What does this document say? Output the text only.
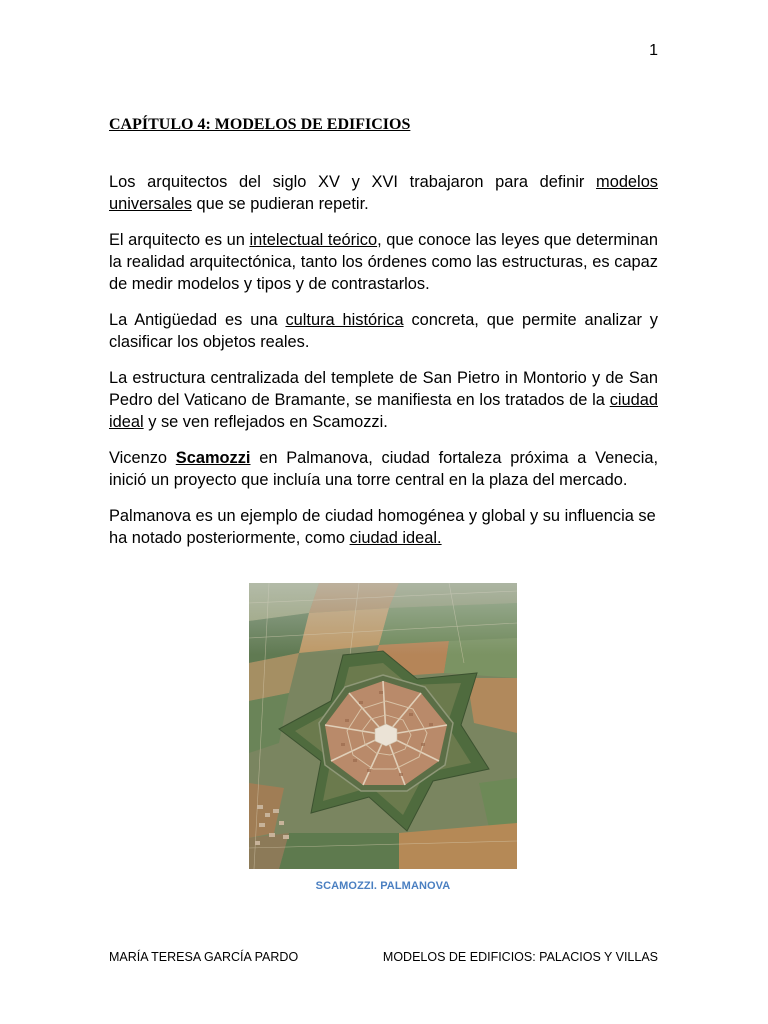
1
CAPÍTULO 4: MODELOS DE EDIFICIOS

Los arquitectos del siglo XV y XVI trabajaron para definir modelos universales que se pudieran repetir.

El arquitecto es un intelectual teórico, que conoce las leyes que determinan la realidad arquitectónica, tanto los órdenes como las estructuras, es capaz de medir modelos y tipos y de contrastarlos.

La Antigüedad es una cultura histórica concreta, que permite analizar y clasificar los objetos reales.

La estructura centralizada del templete de San Pietro in Montorio y de San Pedro del Vaticano de Bramante, se manifiesta en los tratados de la ciudad ideal y se ven reflejados en Scamozzi.

Vicenzo Scamozzi en Palmanova, ciudad fortaleza próxima a Venecia, inició un proyecto que incluía una torre central en la plaza del mercado.

Palmanova es un ejemplo de ciudad homogénea y global y su influencia se ha notado posteriormente, como ciudad ideal.

SCAMOZZI. PALMANOVA
MARÍA TERESA GARCÍA PARDO	MODELOS DE EDIFICIOS: PALACIOS Y VILLAS
